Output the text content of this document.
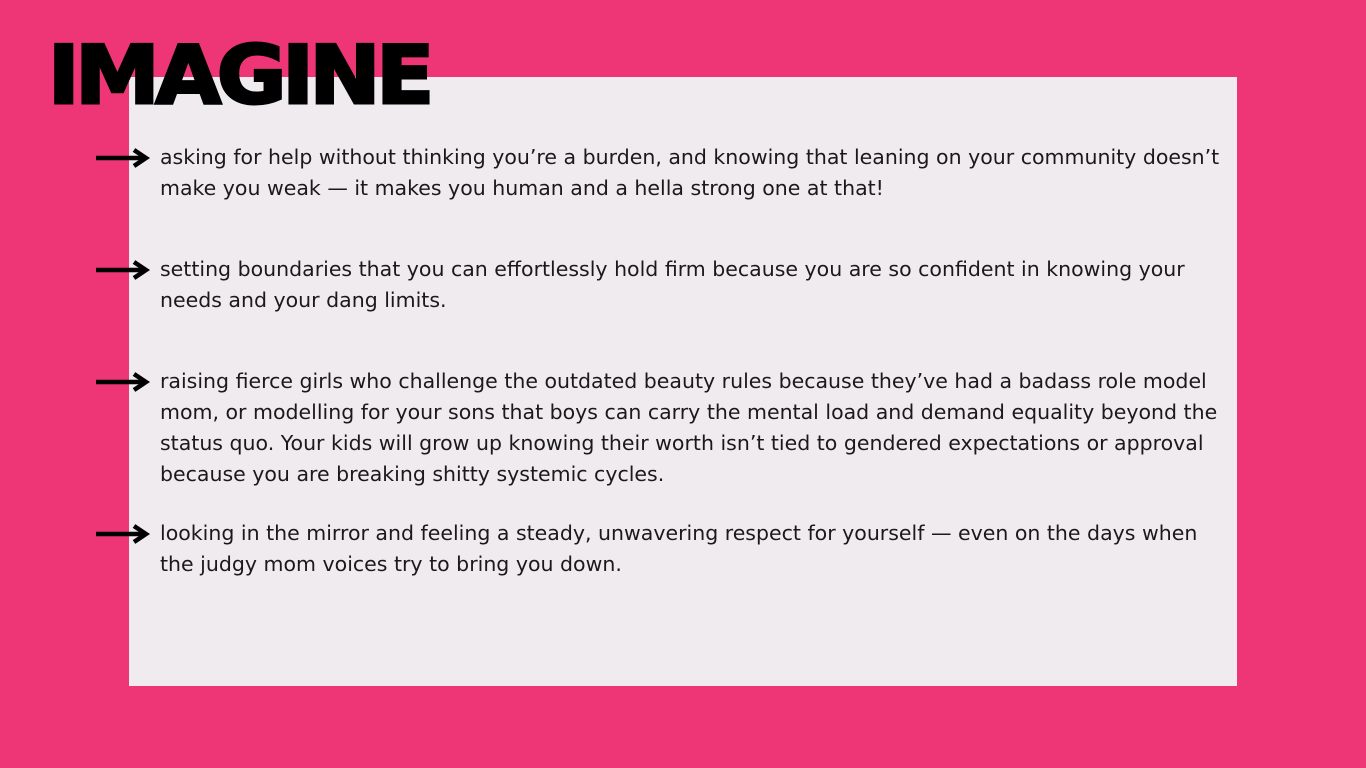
IMAGINE

asking for help without thinking you’re a burden, and knowing that leaning on your community doesn’t make you weak — it makes you human and a hella strong one at that!

setting boundaries that you can effortlessly hold firm because you are so confident in knowing your needs and your dang limits.

raising fierce girls who challenge the outdated beauty rules because they’ve had a badass role model mom, or modelling for your sons that boys can carry the mental load and demand equality beyond the status quo. Your kids will grow up knowing their worth isn’t tied to gendered expectations or approval because you are breaking shitty systemic cycles.

looking in the mirror and feeling a steady, unwavering respect for yourself — even on the days when the judgy mom voices try to bring you down.
